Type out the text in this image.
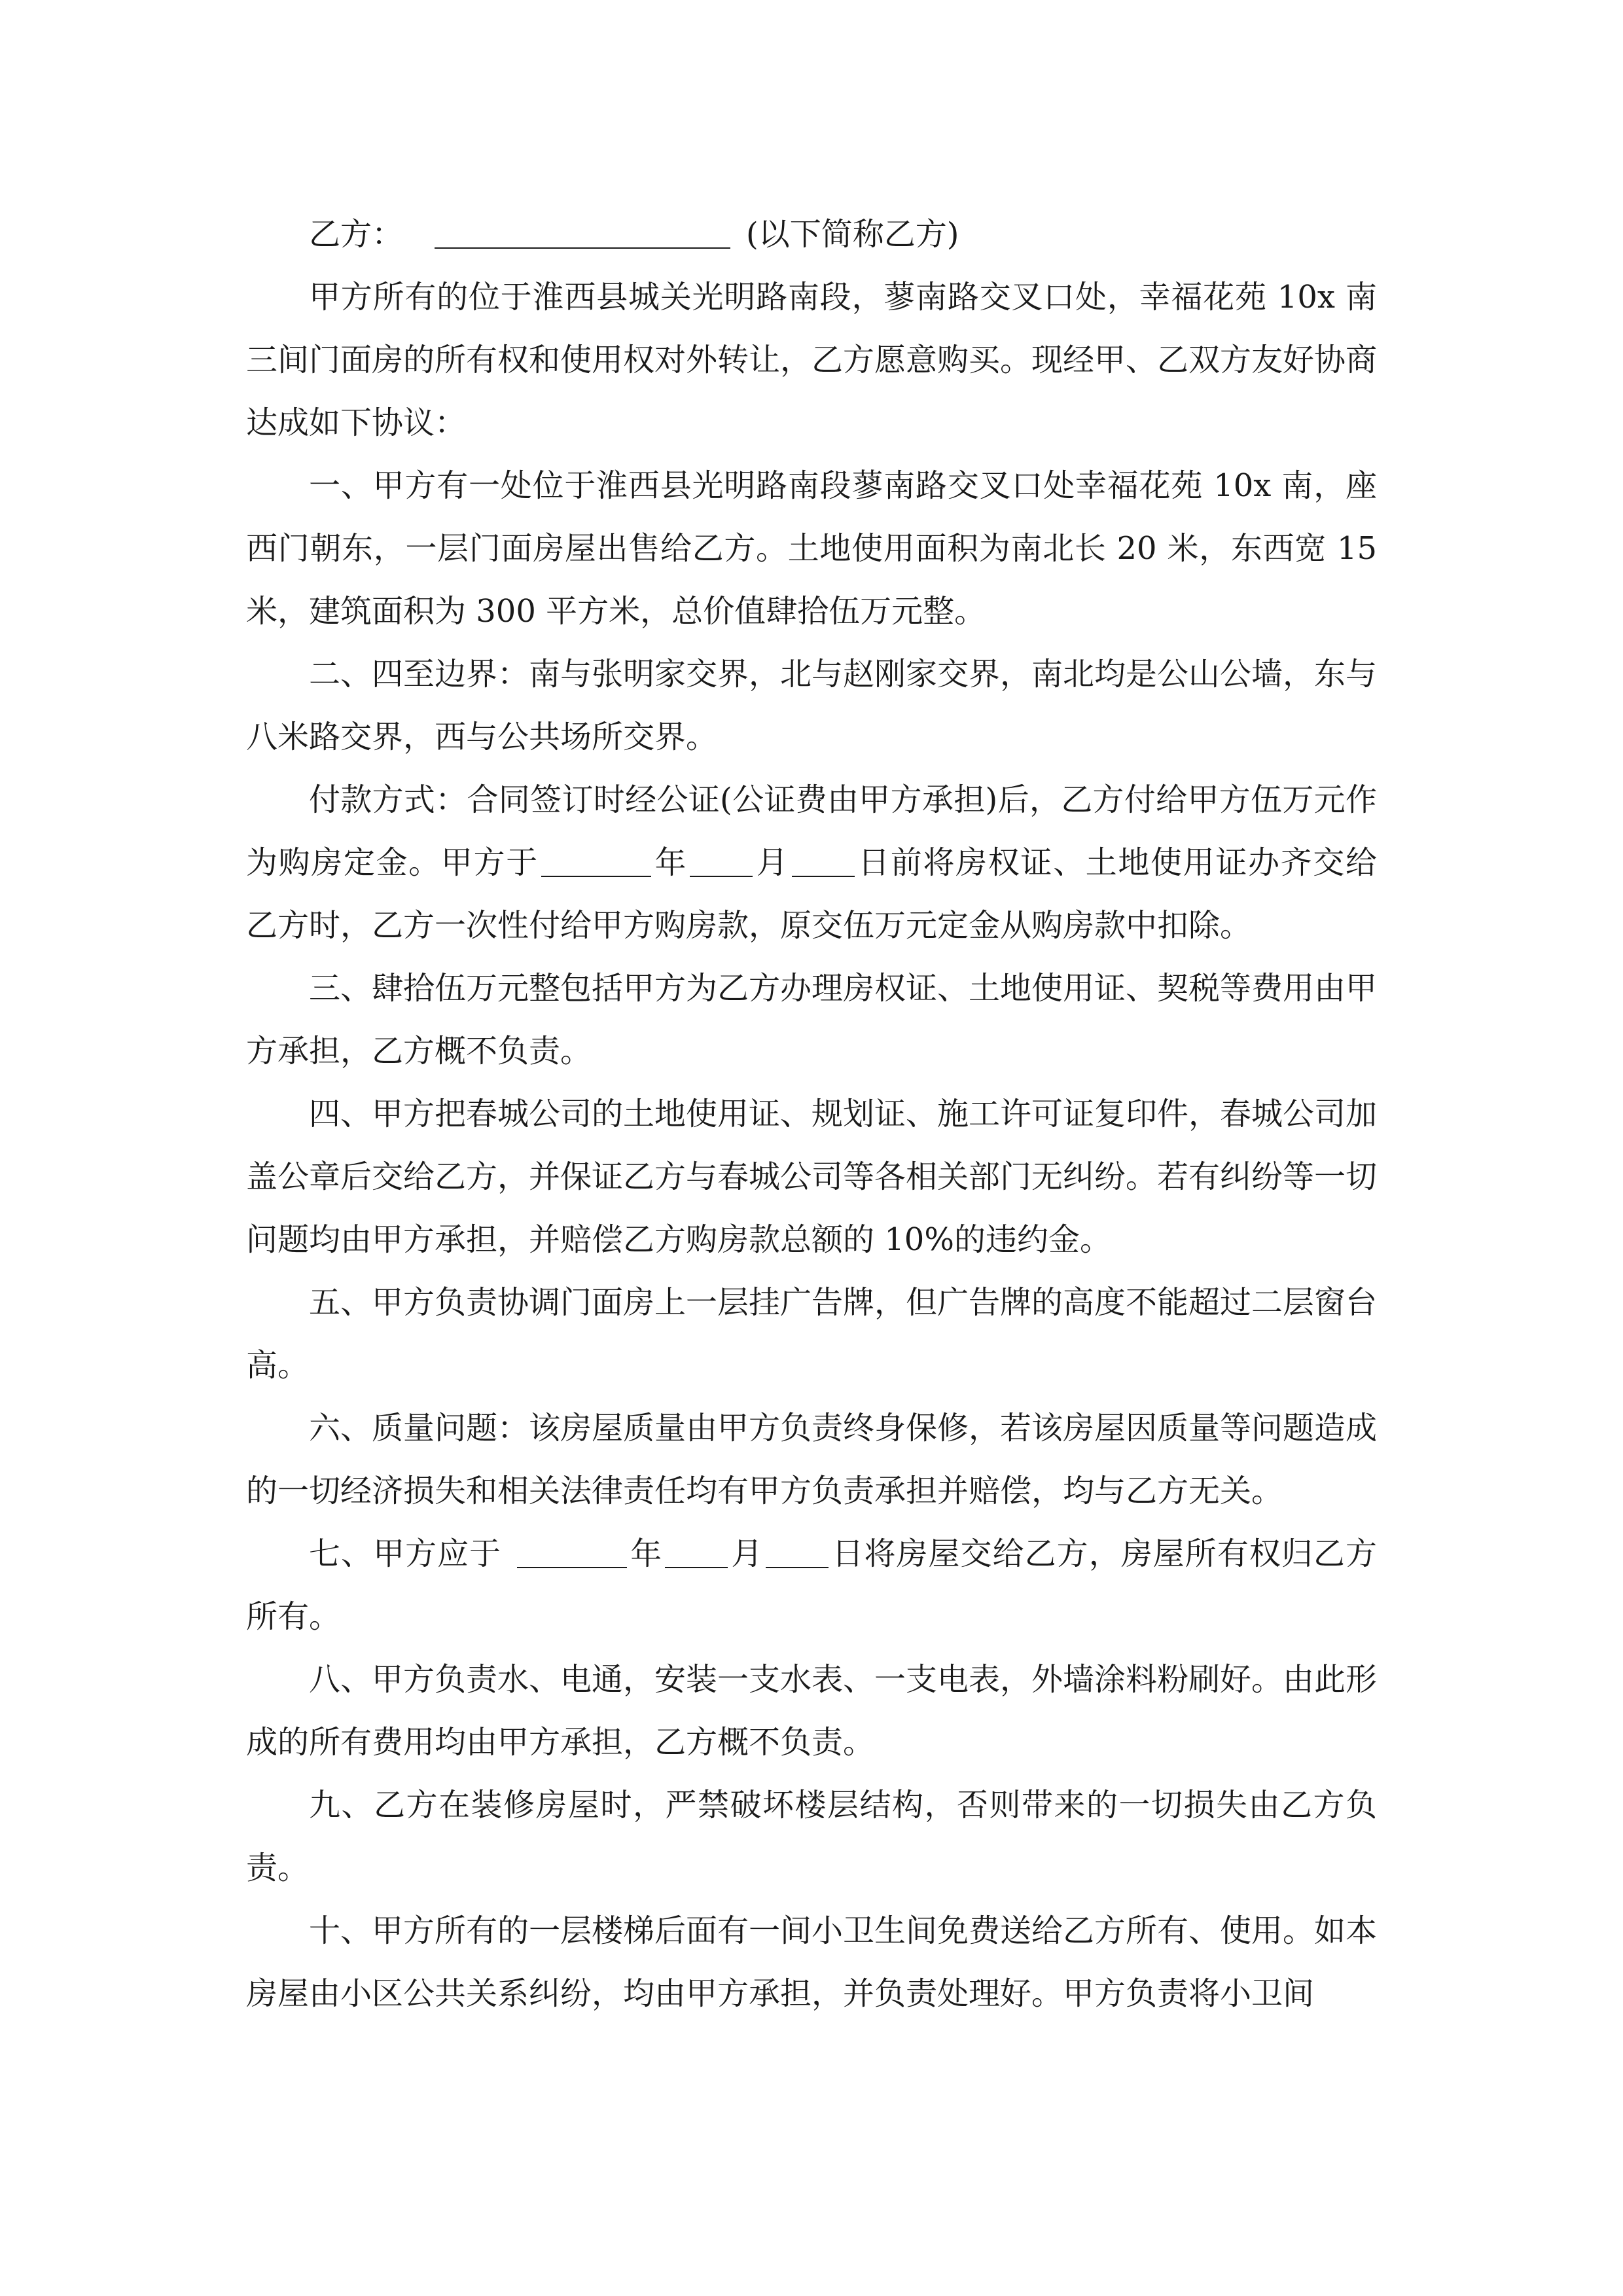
乙方：	(以下简称乙方)

甲方所有的位于淮西县城关光明路南段，蓼南路交叉口处，幸福花苑 10x 南三间门面房的所有权和使用权对外转让，乙方愿意购买。现经甲、乙双方友好协商达成如下协议：

一、甲方有一处位于淮西县光明路南段蓼南路交叉口处幸福花苑 10x 南，座西门朝东，一层门面房屋出售给乙方。土地使用面积为南北长 20 米，东西宽 15 米，建筑面积为 300 平方米，总价值肆拾伍万元整。

二、四至边界：南与张明家交界，北与赵刚家交界，南北均是公山公墙，东与八米路交界，西与公共场所交界。

付款方式：合同签订时经公证(公证费由甲方承担)后，乙方付给甲方伍万元作为购房定金。甲方于	年 月 日前将房权证、土地使用证办齐交给乙方时，乙方一次性付给甲方购房款，原交伍万元定金从购房款中扣除。

三、肆拾伍万元整包括甲方为乙方办理房权证、土地使用证、契税等费用由甲方承担，乙方概不负责。

四、甲方把春城公司的土地使用证、规划证、施工许可证复印件，春城公司加盖公章后交给乙方，并保证乙方与春城公司等各相关部门无纠纷。若有纠纷等一切问题均由甲方承担，并赔偿乙方购房款总额的 10%的违约金。

五、甲方负责协调门面房上一层挂广告牌，但广告牌的高度不能超过二层窗台高。

六、质量问题：该房屋质量由甲方负责终身保修，若该房屋因质量等问题造成的一切经济损失和相关法律责任均有甲方负责承担并赔偿，均与乙方无关。

七、甲方应于	年 月 日将房屋交给乙方，房屋所有权归乙方所有。

八、甲方负责水、电通，安装一支水表、一支电表，外墙涂料粉刷好。由此形成的所有费用均由甲方承担，乙方概不负责。

九、乙方在装修房屋时，严禁破坏楼层结构，否则带来的一切损失由乙方负责。

十、甲方所有的一层楼梯后面有一间小卫生间免费送给乙方所有、使用。如本房屋由小区公共关系纠纷，均由甲方承担，并负责处理好。甲方负责将小卫间
